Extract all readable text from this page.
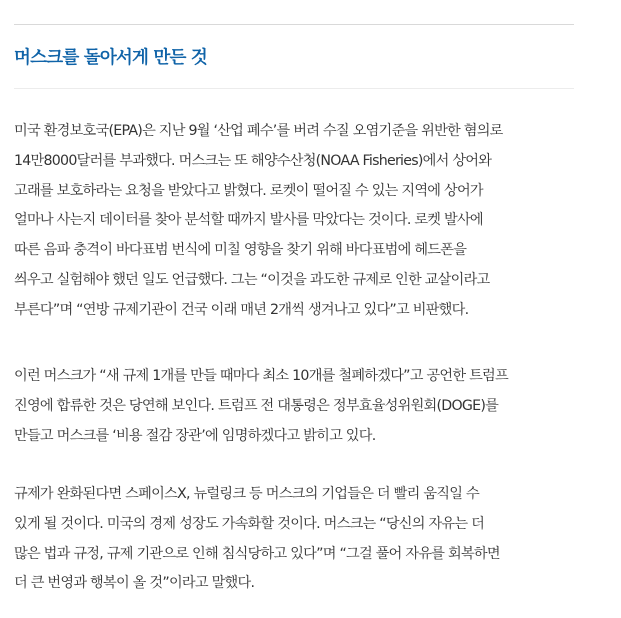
머스크를 돌아서게 만든 것

미국 환경보호국(EPA)은 지난 9월 ‘산업 폐수’를 버려 수질 오염기준을 위반한 혐의로
14만8000달러를 부과했다. 머스크는 또 해양수산청(NOAA Fisheries)에서 상어와
고래를 보호하라는 요청을 받았다고 밝혔다. 로켓이 떨어질 수 있는 지역에 상어가
얼마나 사는지 데이터를 찾아 분석할 때까지 발사를 막았다는 것이다. 로켓 발사에
따른 음파 충격이 바다표범 번식에 미칠 영향을 찾기 위해 바다표범에 헤드폰을
씌우고 실험해야 했던 일도 언급했다. 그는 “이것을 과도한 규제로 인한 교살이라고
부른다”며 “연방 규제기관이 건국 이래 매년 2개씩 생겨나고 있다”고 비판했다.

이런 머스크가 “새 규제 1개를 만들 때마다 최소 10개를 철폐하겠다”고 공언한 트럼프
진영에 합류한 것은 당연해 보인다. 트럼프 전 대통령은 정부효율성위원회(DOGE)를
만들고 머스크를 ‘비용 절감 장관’에 임명하겠다고 밝히고 있다.

규제가 완화된다면 스페이스X, 뉴럴링크 등 머스크의 기업들은 더 빨리 움직일 수
있게 될 것이다. 미국의 경제 성장도 가속화할 것이다. 머스크는 “당신의 자유는 더
많은 법과 규정, 규제 기관으로 인해 침식당하고 있다”며 “그걸 풀어 자유를 회복하면
더 큰 번영과 행복이 올 것”이라고 말했다.
